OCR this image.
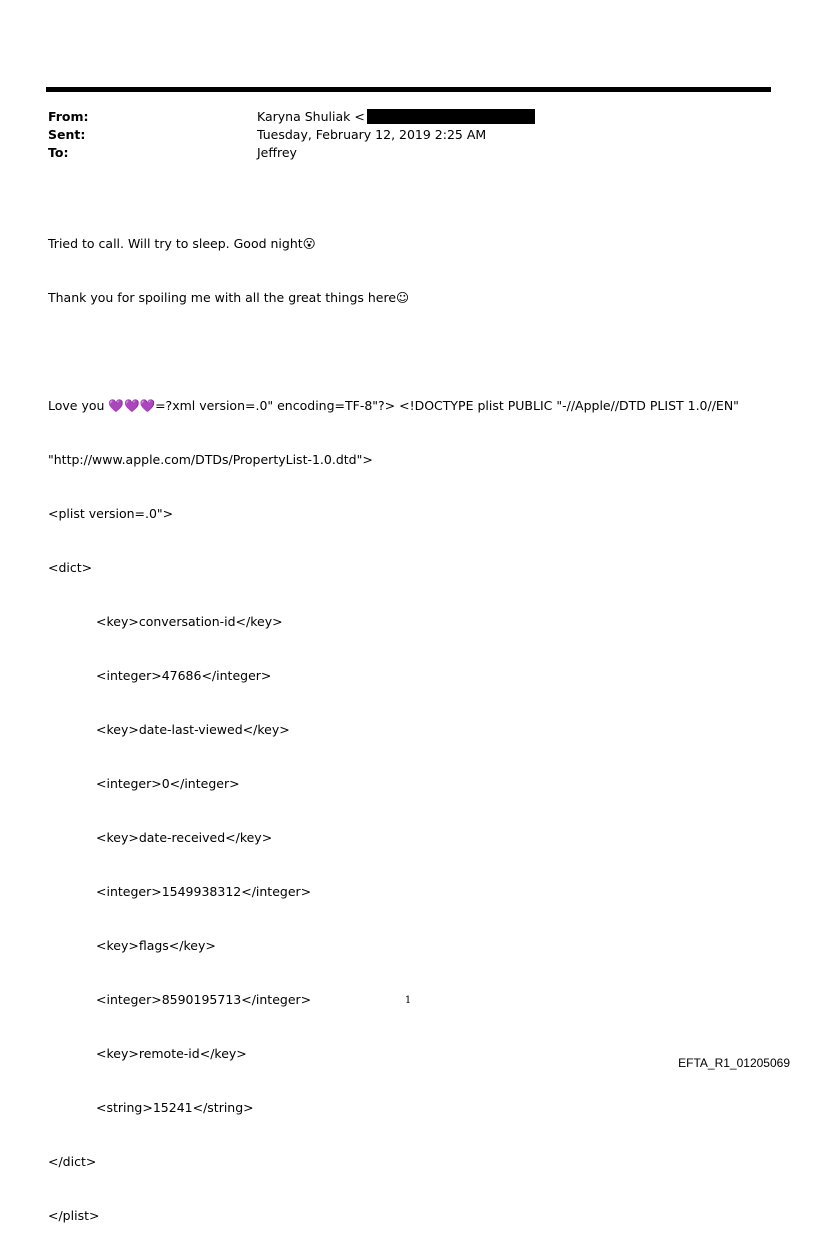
From:	Karyna Shuliak <
Sent:	Tuesday, February 12, 2019 2:25 AM
To:	Jeffrey

Tried to call. Will try to sleep. Good night😮

Thank you for spoiling me with all the great things here☺

Love you 💜💜💜=?xml version=.0" encoding=TF-8"?> <!DOCTYPE plist PUBLIC "-//Apple//DTD PLIST 1.0//EN"

"http://www.apple.com/DTDs/PropertyList-1.0.dtd">

<plist version=.0">

<dict>

<key>conversation-id</key>

<integer>47686</integer>

<key>date-last-viewed</key>

<integer>0</integer>

<key>date-received</key>

<integer>1549938312</integer>

<key>flags</key>

<integer>8590195713</integer>

<key>remote-id</key>

<string>15241</string>

</dict>

</plist>

1
EFTA_R1_01205069
